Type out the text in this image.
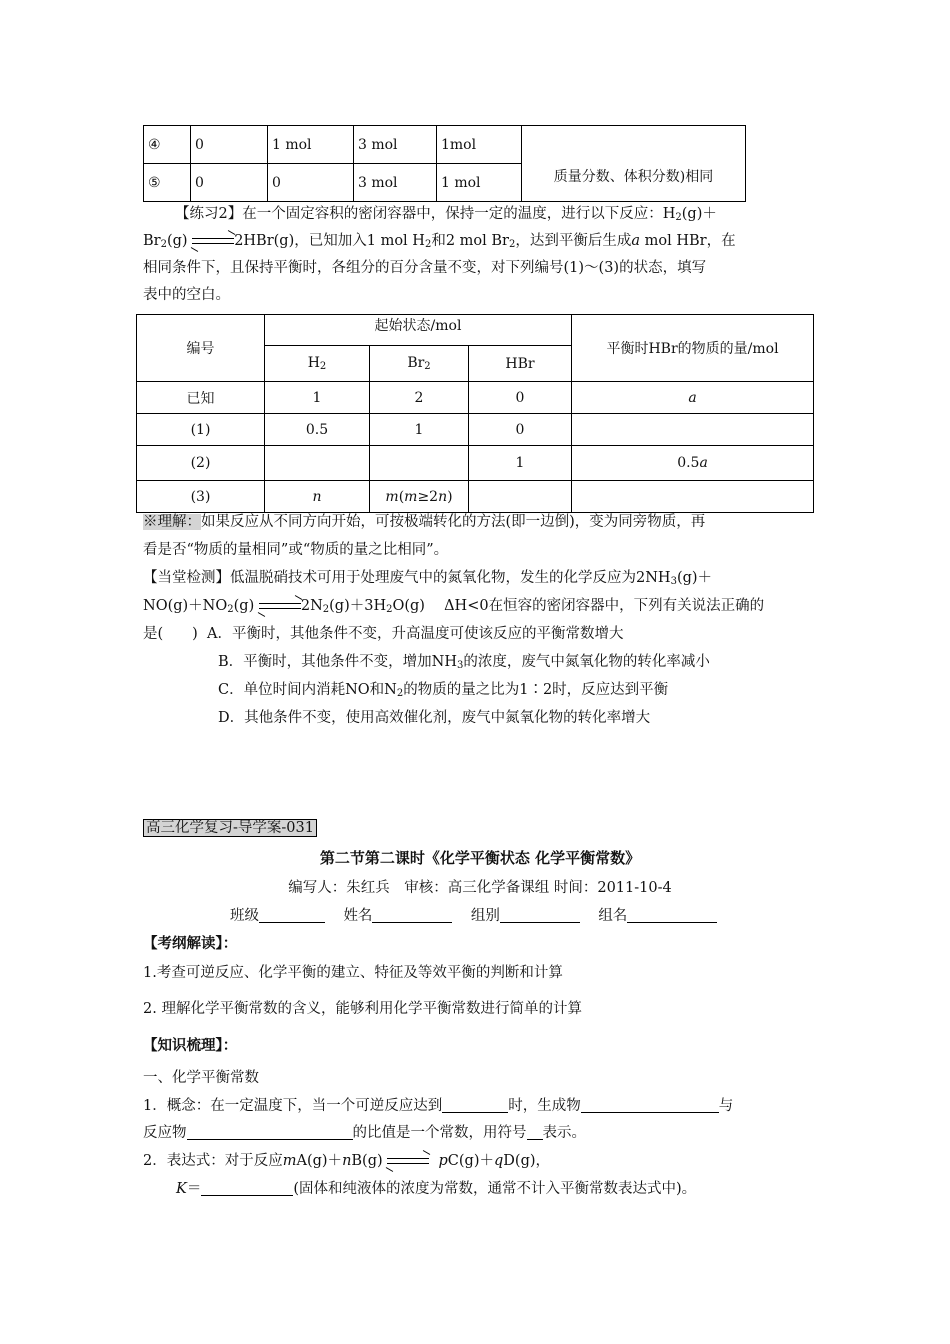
④	0	1 mol	3 mol	1mol	质量分数、体积分数)相同
⑤	0	0	3 mol	1 mol	
【练习2】在一个固定容积的密闭容器中，保持一定的温度，进行以下反应：$H_2(g)+$
$Br_2(g)$	2HBr(g)，已知加入1 mol $H_2$和2 mol $Br_2$，达到平衡后生成a mol HBr，在
相同条件下，且保持平衡时，各组分的百分含量不变，对下列编号(1)～(3)的状态，填写
表中的空白。
编号	起始状态/mol			平衡时HBr的物质的量/mol
	$H_2$	$Br_2$	HBr	
已知	1	2	0	a
(1)	0.5	1	0	
(2)			1	0.5a
(3)	n	m(m≥2n)		
※理解：如果反应从不同方向开始，可按极端转化的方法(即一边倒)，变为同旁物质，再
看是否“物质的量相同”或“物质的量之比相同”。
【当堂检测】低温脱硝技术可用于处理废气中的氮氧化物，发生的化学反应为$2NH_3(g)+$
$NO(g)+NO_2(g)$	$2N_2(g)+3H_2O(g)$　 ΔH<0在恒容的密闭容器中，下列有关说法正确的
是(　　) A．平衡时，其他条件不变，升高温度可使该反应的平衡常数增大
B．平衡时，其他条件不变，增加$NH_3$的浓度，废气中氮氧化物的转化率减小
C．单位时间内消耗NO和$N_2$的物质的量之比为1∶2时，反应达到平衡
D．其他条件不变，使用高效催化剂，废气中氮氧化物的转化率增大
高三化学复习-导学案-031
第二节第二课时《化学平衡状态 化学平衡常数》
编写人：朱红兵　审核：高三化学备课组 时间：2011-10-4
班级	姓名	组别	组名
【考纲解读】：
1.考查可逆反应、化学平衡的建立、特征及等效平衡的判断和计算
2. 理解化学平衡常数的含义，能够利用化学平衡常数进行简单的计算
【知识梳理】：
一、化学平衡常数
1．概念：在一定温度下，当一个可逆反应达到	时，生成物	与
反应物	的比值是一个常数，用符号 表示。
2．表达式：对于反应mA(g)＋nB(g)	pC(g)＋qD(g)，
K＝	(固体和纯液体的浓度为常数，通常不计入平衡常数表达式中)。
